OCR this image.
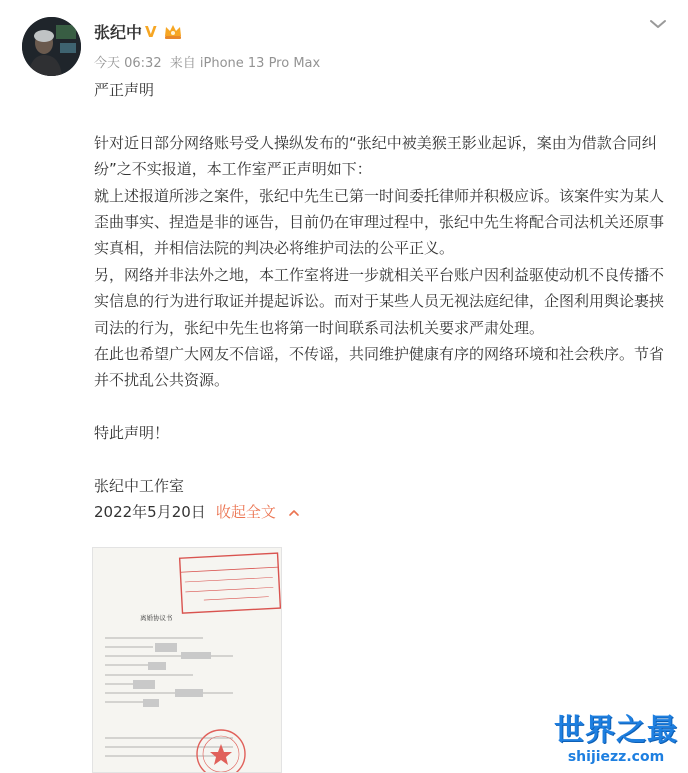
张纪中 V
今天 06:32 来自 iPhone 13 Pro Max

严正声明

针对近日部分网络账号受人操纵发布的“张纪中被美猴王影业起诉，案由为借款合同纠纷”之不实报道，本工作室严正声明如下：

就上述报道所涉之案件，张纪中先生已第一时间委托律师并积极应诉。该案件实为某人歪曲事实、捏造是非的诬告，目前仍在审理过程中，张纪中先生将配合司法机关还原事实真相，并相信法院的判决必将维护司法的公平正义。

另，网络并非法外之地，本工作室将进一步就相关平台账户因利益驱使动机不良传播不实信息的行为进行取证并提起诉讼。而对于某些人员无视法庭纪律，企图利用舆论裹挟司法的行为，张纪中先生也将第一时间联系司法机关要求严肃处理。

在此也希望广大网友不信谣，不传谣，共同维护健康有序的网络环境和社会秩序。节省并不扰乱公共资源。

特此声明！

张纪中工作室

2022年5月20日 收起全文

离婚协议书
世界之最
shijiezz.com
